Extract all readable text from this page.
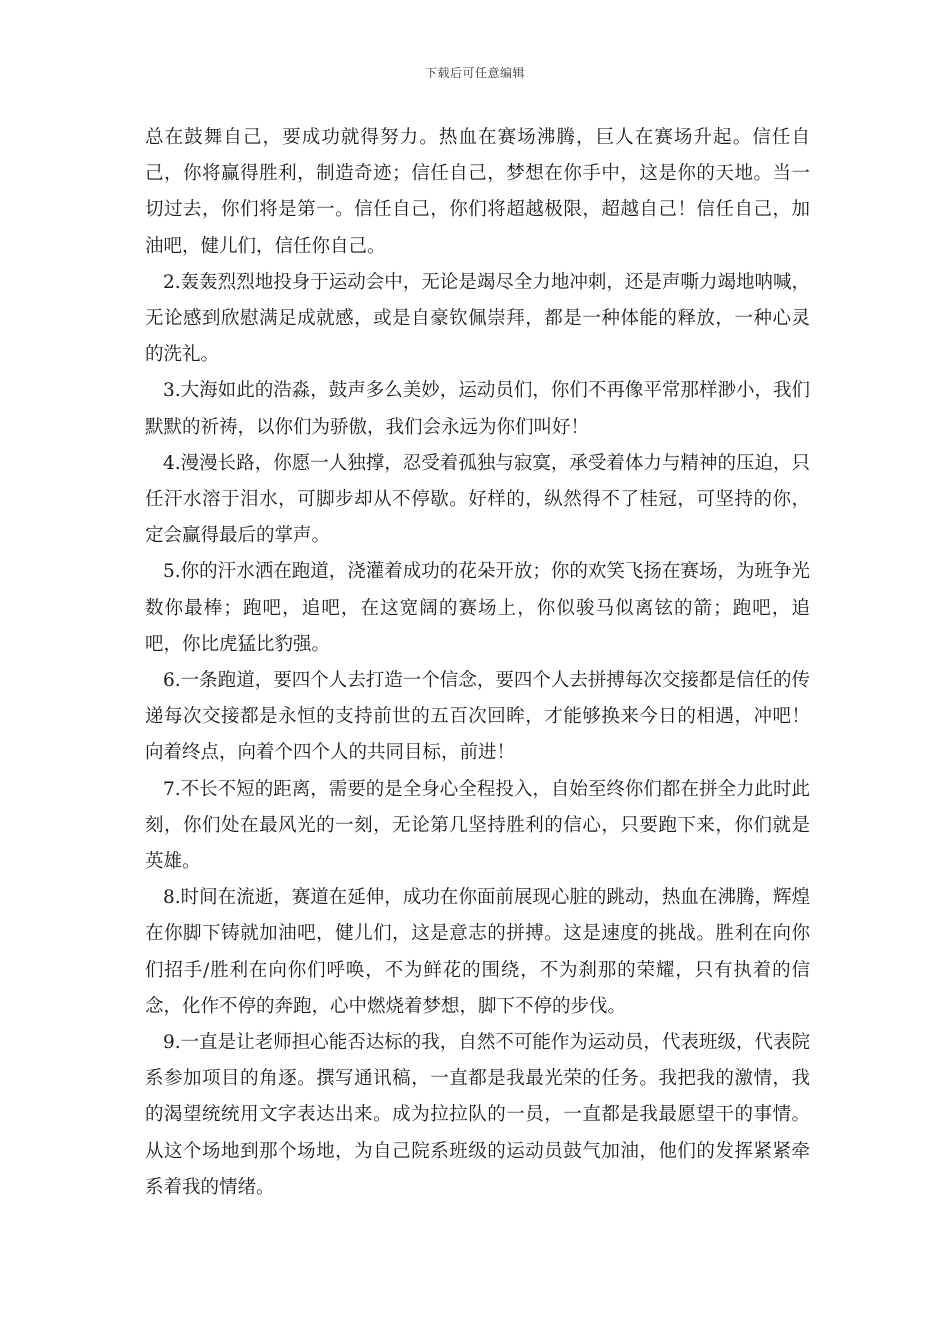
下载后可任意编辑

总在鼓舞自己，要成功就得努力。热血在赛场沸腾，巨人在赛场升起。信任自己，你将赢得胜利，制造奇迹；信任自己，梦想在你手中，这是你的天地。当一切过去，你们将是第一。信任自己，你们将超越极限，超越自己！信任自己，加油吧，健儿们，信任你自己。

2.轰轰烈烈地投身于运动会中，无论是竭尽全力地冲刺，还是声嘶力竭地呐喊，无论感到欣慰满足成就感，或是自豪钦佩崇拜，都是一种体能的释放，一种心灵的洗礼。

3.大海如此的浩淼，鼓声多么美妙，运动员们，你们不再像平常那样渺小，我们默默的祈祷，以你们为骄傲，我们会永远为你们叫好！

4.漫漫长路，你愿一人独撑，忍受着孤独与寂寞，承受着体力与精神的压迫，只任汗水溶于泪水，可脚步却从不停歇。好样的，纵然得不了桂冠，可坚持的你，定会赢得最后的掌声。

5.你的汗水洒在跑道，浇灌着成功的花朵开放；你的欢笑飞扬在赛场，为班争光数你最棒；跑吧，追吧，在这宽阔的赛场上，你似骏马似离铉的箭；跑吧，追吧，你比虎猛比豹强。

6.一条跑道，要四个人去打造一个信念，要四个人去拼搏每次交接都是信任的传递每次交接都是永恒的支持前世的五百次回眸，才能够换来今日的相遇，冲吧！向着终点，向着个四个人的共同目标，前进！

7.不长不短的距离，需要的是全身心全程投入，自始至终你们都在拼全力此时此刻，你们处在最风光的一刻，无论第几坚持胜利的信心，只要跑下来，你们就是英雄。

8.时间在流逝，赛道在延伸，成功在你面前展现心脏的跳动，热血在沸腾，辉煌在你脚下铸就加油吧，健儿们，这是意志的拼搏。这是速度的挑战。胜利在向你们招手/胜利在向你们呼唤，不为鲜花的围绕，不为刹那的荣耀，只有执着的信念，化作不停的奔跑，心中燃烧着梦想，脚下不停的步伐。

9.一直是让老师担心能否达标的我，自然不可能作为运动员，代表班级，代表院系参加项目的角逐。撰写通讯稿，一直都是我最光荣的任务。我把我的激情，我的渴望统统用文字表达出来。成为拉拉队的一员，一直都是我最愿望干的事情。从这个场地到那个场地，为自己院系班级的运动员鼓气加油，他们的发挥紧紧牵系着我的情绪。
